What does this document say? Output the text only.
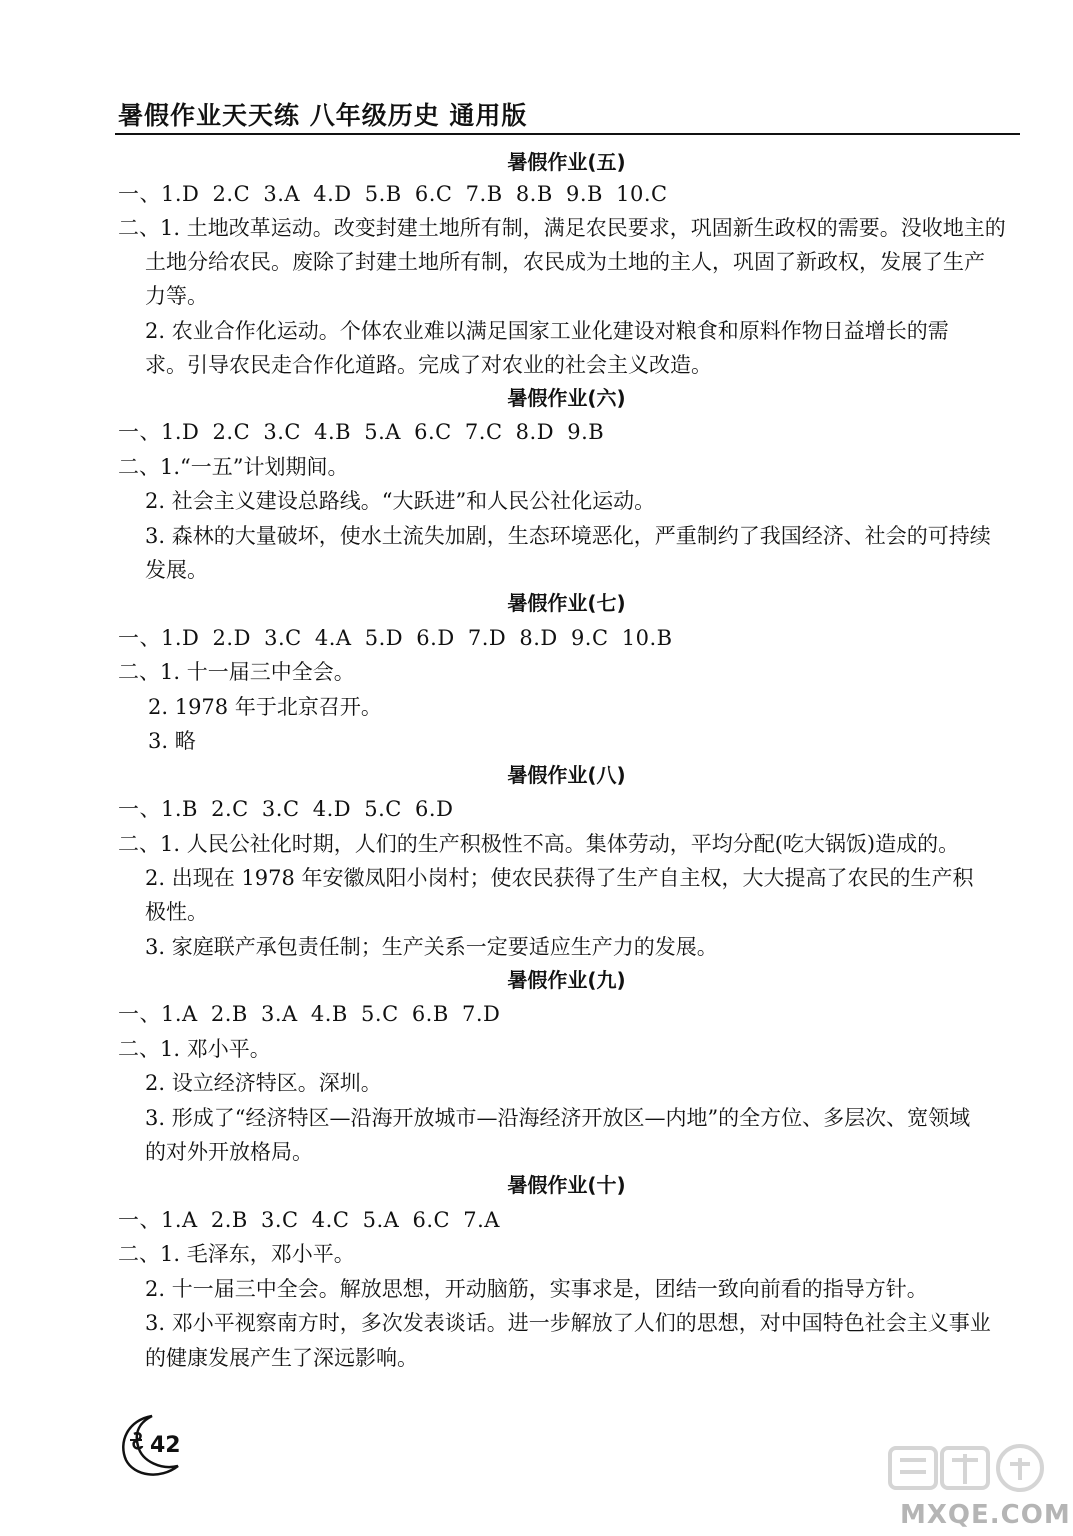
暑假作业天天练 八年级历史 通用版
暑假作业(五)
一、1.D 2.C 3.A 4.D 5.B 6.C 7.B 8.B 9.B 10.C
二、1. 土地改革运动。改变封建土地所有制，满足农民要求，巩固新生政权的需要。没收地主的
土地分给农民。废除了封建土地所有制，农民成为土地的主人，巩固了新政权，发展了生产
力等。
2. 农业合作化运动。个体农业难以满足国家工业化建设对粮食和原料作物日益增长的需
求。引导农民走合作化道路。完成了对农业的社会主义改造。
暑假作业(六)
一、1.D 2.C 3.C 4.B 5.A 6.C 7.C 8.D 9.B
二、1.“一五”计划期间。
2. 社会主义建设总路线。“大跃进”和人民公社化运动。
3. 森林的大量破坏，使水土流失加剧，生态环境恶化，严重制约了我国经济、社会的可持续
发展。
暑假作业(七)
一、1.D 2.D 3.C 4.A 5.D 6.D 7.D 8.D 9.C 10.B
二、1. 十一届三中全会。
2. 1978 年于北京召开。
3. 略
暑假作业(八)
一、1.B 2.C 3.C 4.D 5.C 6.D
二、1. 人民公社化时期，人们的生产积极性不高。集体劳动，平均分配(吃大锅饭)造成的。
2. 出现在 1978 年安徽凤阳小岗村；使农民获得了生产自主权，大大提高了农民的生产积
极性。
3. 家庭联产承包责任制；生产关系一定要适应生产力的发展。
暑假作业(九)
一、1.A 2.B 3.A 4.B 5.C 6.B 7.D
二、1. 邓小平。
2. 设立经济特区。深圳。
3. 形成了“经济特区—沿海开放城市—沿海经济开放区—内地”的全方位、多层次、宽领域
的对外开放格局。
暑假作业(十)
一、1.A 2.B 3.C 4.C 5.A 6.C 7.A
二、1. 毛泽东，邓小平。
2. 十一届三中全会。解放思想，开动脑筋，实事求是，团结一致向前看的指导方针。
3. 邓小平视察南方时，多次发表谈话。进一步解放了人们的思想，对中国特色社会主义事业
的健康发展产生了深远影响。
42
MXQE.COM
